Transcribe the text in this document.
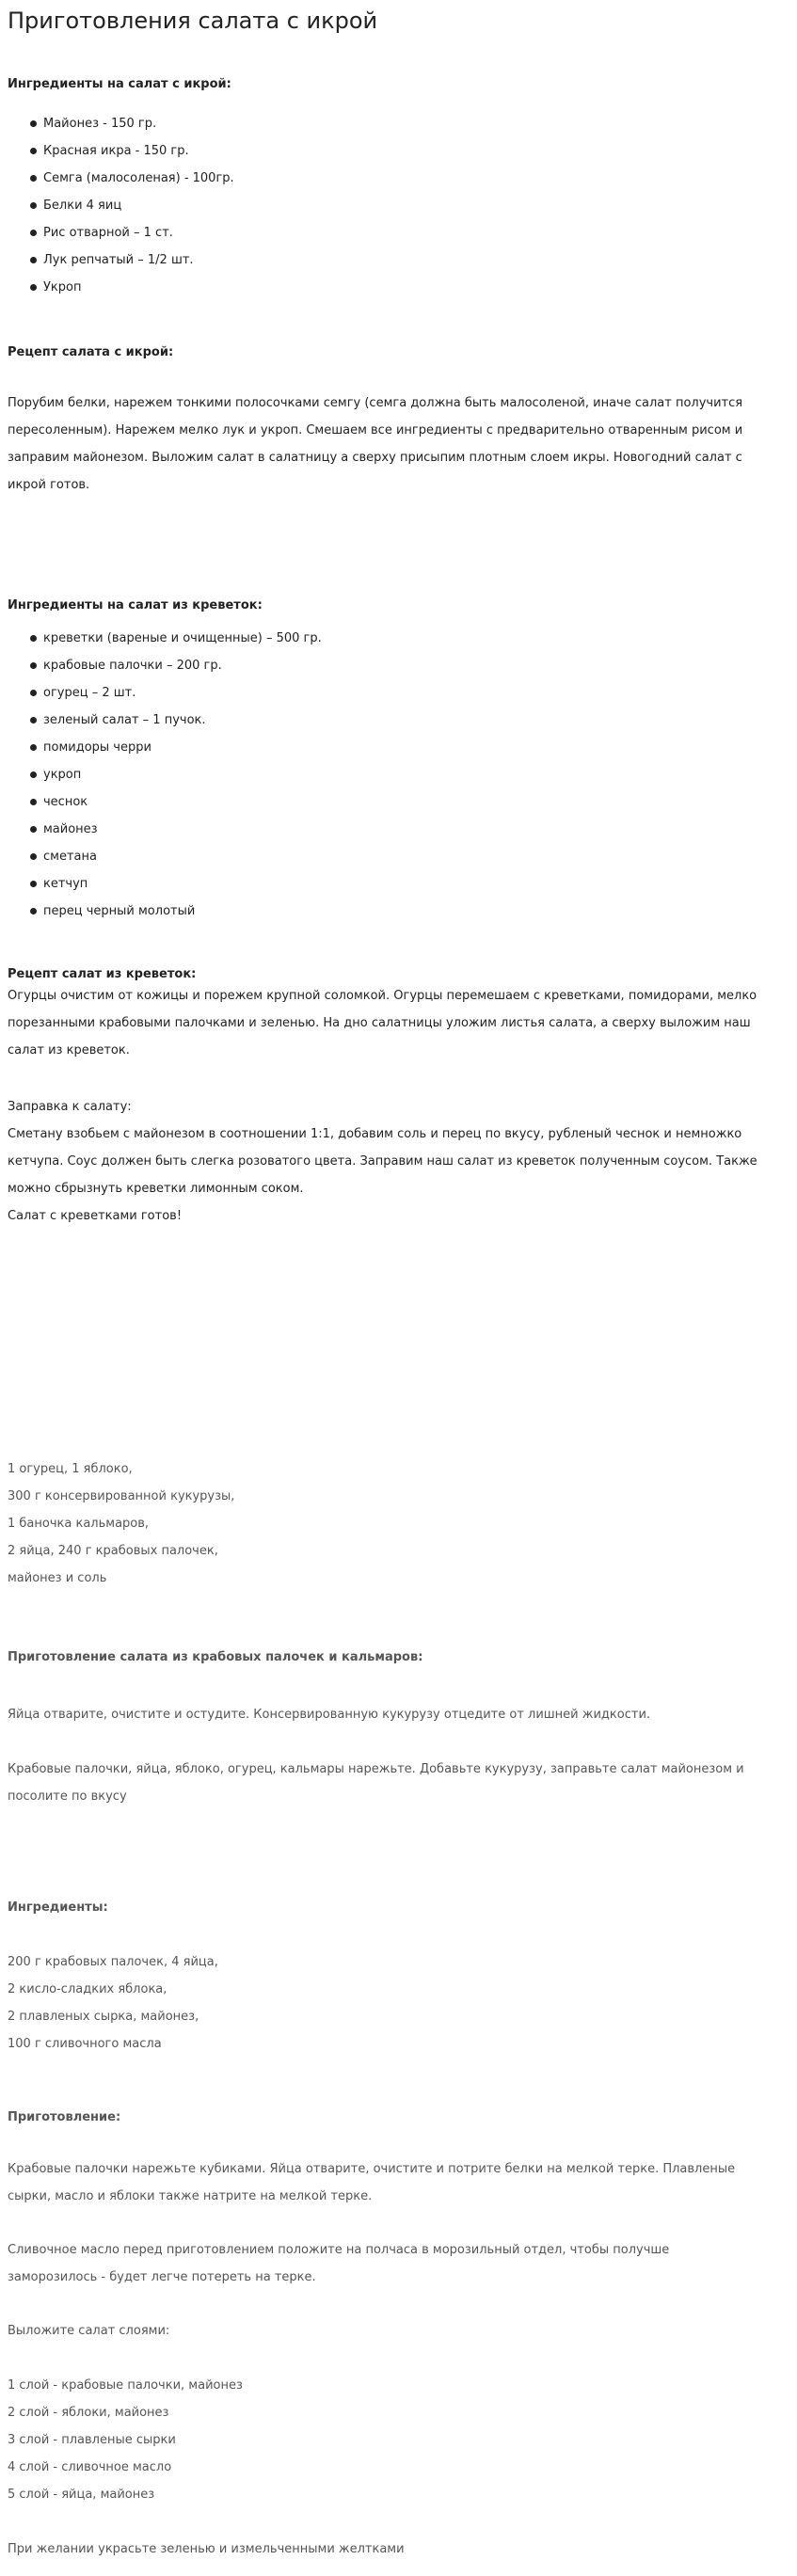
Приготовления салата с икрой

Ингредиенты на салат с икрой:

Майонез - 150 гр.
Красная икра - 150 гр.
Семга (малосоленая) - 100гр.
Белки 4 яиц
Рис отварной – 1 ст.
Лук репчатый – 1/2 шт.
Укроп

Рецепт салата с икрой:

Порубим белки, нарежем тонкими полосочками семгу (семга должна быть малосоленой, иначе салат получится пересоленным). Нарежем мелко лук и укроп. Смешаем все ингредиенты с предварительно отваренным рисом и заправим майонезом. Выложим салат в салатницу а сверху присыпим плотным слоем икры. Новогодний салат с икрой готов.

Ингредиенты на салат из креветок:

креветки (вареные и очищенные) – 500 гр.
крабовые палочки – 200 гр.
огурец – 2 шт.
зеленый салат – 1 пучок.
помидоры черри
укроп
чеснок
майонез
сметана
кетчуп
перец черный молотый

Рецепт салат из креветок:

Огурцы очистим от кожицы и порежем крупной соломкой. Огурцы перемешаем с креветками, помидорами, мелко порезанными крабовыми палочками и зеленью. На дно салатницы уложим листья салата, а сверху выложим наш салат из креветок.

Заправка к салату:

Сметану взобьем с майонезом в соотношении 1:1, добавим соль и перец по вкусу, рубленый чеснок и немножко кетчупа. Соус должен быть слегка розоватого цвета. Заправим наш салат из креветок полученным соусом. Также можно сбрызнуть креветки лимонным соком.

Салат с креветками готов!

1 огурец, 1 яблоко,

300 г консервированной кукурузы,

1 баночка кальмаров,

2 яйца, 240 г крабовых палочек,

майонез и соль

Приготовление салата из крабовых палочек и кальмаров:

Яйца отварите, очистите и остудите. Консервированную кукурузу отцедите от лишней жидкости.

Крабовые палочки, яйца, яблоко, огурец, кальмары нарежьте. Добавьте кукурузу, заправьте салат майонезом и посолите по вкусу

Ингредиенты:

200 г крабовых палочек, 4 яйца,

2 кисло-сладких яблока,

2 плавленых сырка, майонез,

100 г сливочного масла

Приготовление:

Крабовые палочки нарежьте кубиками. Яйца отварите, очистите и потрите белки на мелкой терке. Плавленые сырки, масло и яблоки также натрите на мелкой терке.

Сливочное масло перед приготовлением положите на полчаса в морозильный отдел, чтобы получше заморозилось - будет легче потереть на терке.

Выложите салат слоями:

1 слой - крабовые палочки, майонез

2 слой - яблоки, майонез

3 слой - плавленые сырки

4 слой - сливочное масло

5 слой - яйца, майонез

При желании украсьте зеленью и измельченными желтками
